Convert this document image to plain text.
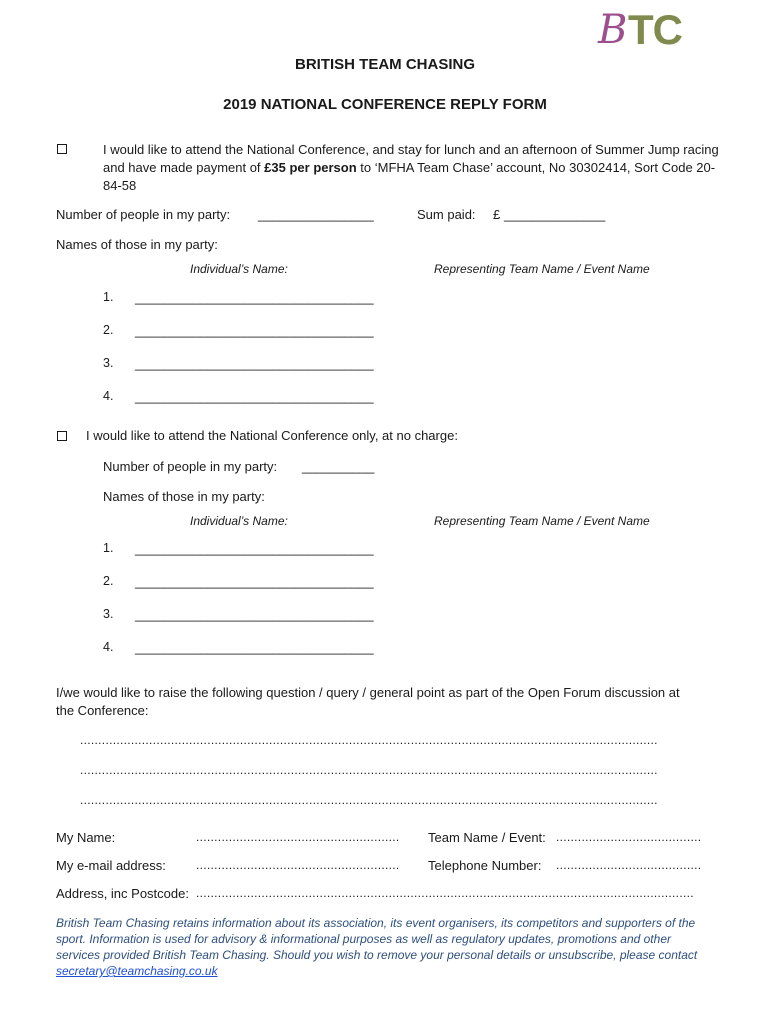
B TC
BRITISH TEAM CHASING
2019 NATIONAL CONFERENCE REPLY FORM
I would like to attend the National Conference, and stay for lunch and an afternoon of Summer Jump racing and have made payment of £35 per person to ‘MFHA Team Chase’ account, No 30302414, Sort Code 20-84-58
Number of people in my party: ________________	Sum paid: £ ______________
Names of those in my party:
Individual’s Name:	Representing Team Name / Event Name
1. _________________________________
2. _________________________________
3. _________________________________
4. _________________________________
I would like to attend the National Conference only, at no charge:
Number of people in my party: __________
Names of those in my party:
Individual’s Name:	Representing Team Name / Event Name
1. _________________________________
2. _________________________________
3. _________________________________
4. _________________________________
I/we would like to raise the following question / query / general point as part of the Open Forum discussion at the Conference:
...............................................................................................................................................................
...............................................................................................................................................................
...............................................................................................................................................................
My Name:	........................................................	Team Name / Event: ........................................
My e-mail address:	........................................................	Telephone Number: ........................................
Address, inc Postcode: .........................................................................................................................................
British Team Chasing retains information about its association, its event organisers, its competitors and supporters of the sport. Information is used for advisory & informational purposes as well as regulatory updates, promotions and other services provided British Team Chasing. Should you wish to remove your personal details or unsubscribe, please contact secretary@teamchasing.co.uk
